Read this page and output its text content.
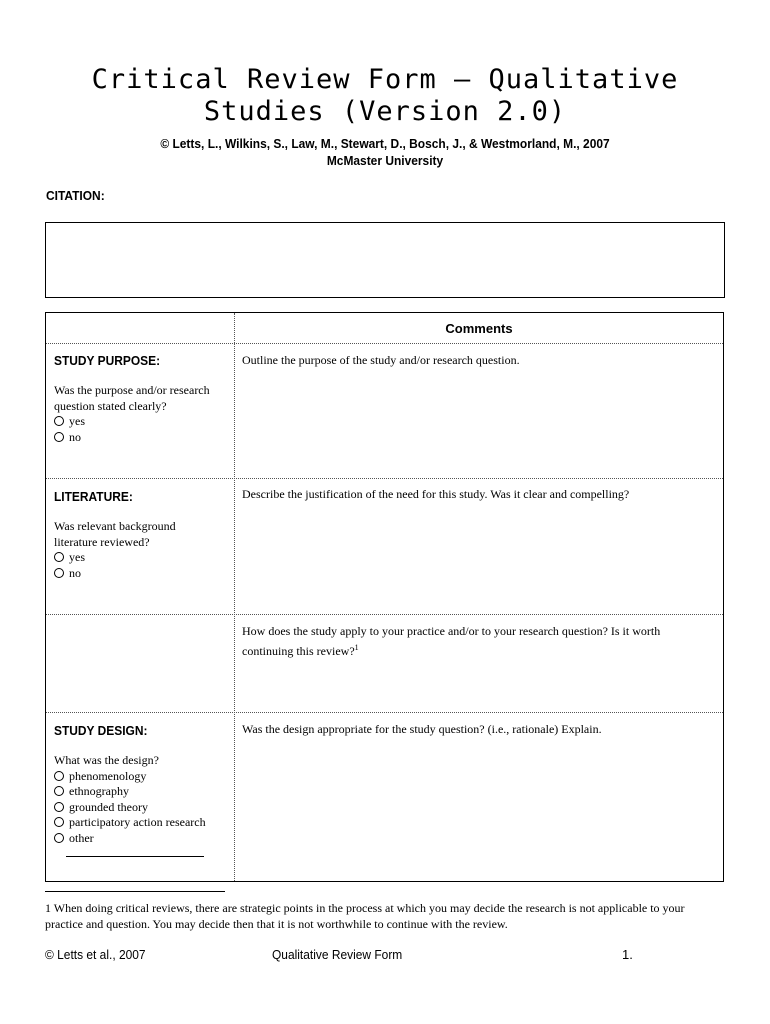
Critical Review Form – Qualitative
Studies (Version 2.0)
© Letts, L., Wilkins, S., Law, M., Stewart, D., Bosch, J., & Westmorland, M., 2007
McMaster University
CITATION:
Comments
STUDY PURPOSE:
Was the purpose and/or research
question stated clearly?
yes
no
Outline the purpose of the study and/or research question.
LITERATURE:
Was relevant background
literature reviewed?
yes
no
Describe the justification of the need for this study. Was it clear and compelling?
How does the study apply to your practice and/or to your research question? Is it worth
continuing this review?$^1$
STUDY DESIGN:
What was the design?
phenomenology
ethnography
grounded theory
participatory action research
other
Was the design appropriate for the study question? (i.e., rationale) Explain.
1 When doing critical reviews, there are strategic points in the process at which you may decide the research is not applicable to your
practice and question. You may decide then that it is not worthwhile to continue with the review.
© Letts et al., 2007	Qualitative Review Form	1.
